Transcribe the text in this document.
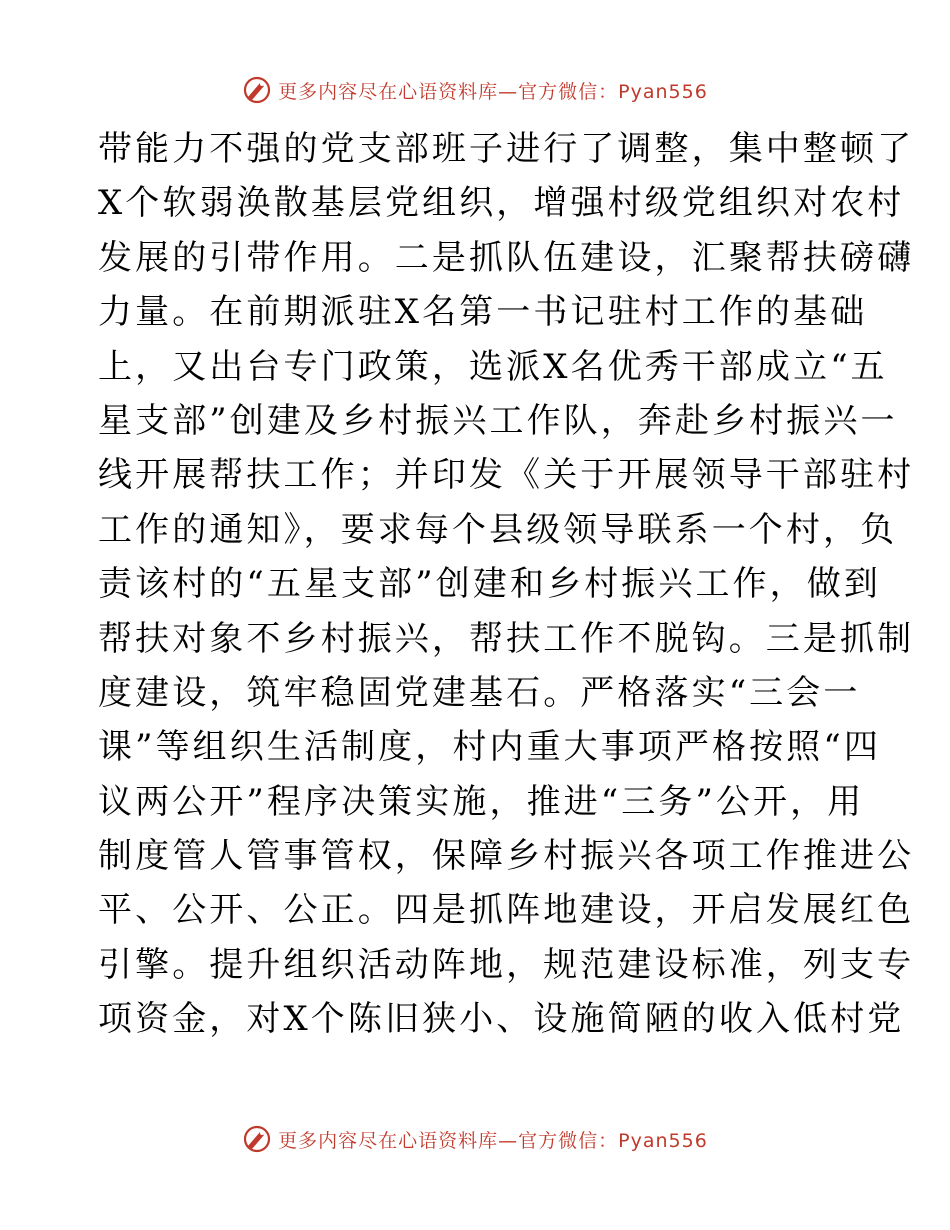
更多内容尽在心语资料库—官方微信：Pyan556
带能力不强的党支部班子进行了调整，集中整顿了
X个软弱涣散基层党组织，增强村级党组织对农村
发展的引带作用。二是抓队伍建设，汇聚帮扶磅礴
力量。在前期派驻X名第一书记驻村工作的基础
上，又出台专门政策，选派X名优秀干部成立“五
星支部”创建及乡村振兴工作队，奔赴乡村振兴一
线开展帮扶工作；并印发《关于开展领导干部驻村
工作的通知》，要求每个县级领导联系一个村，负
责该村的“五星支部”创建和乡村振兴工作，做到
帮扶对象不乡村振兴，帮扶工作不脱钩。三是抓制
度建设，筑牢稳固党建基石。严格落实“三会一
课”等组织生活制度，村内重大事项严格按照“四
议两公开”程序决策实施，推进“三务”公开，用
制度管人管事管权，保障乡村振兴各项工作推进公
平、公开、公正。四是抓阵地建设，开启发展红色
引擎。提升组织活动阵地，规范建设标准，列支专
项资金，对X个陈旧狭小、设施简陋的收入低村党
更多内容尽在心语资料库—官方微信：Pyan556
